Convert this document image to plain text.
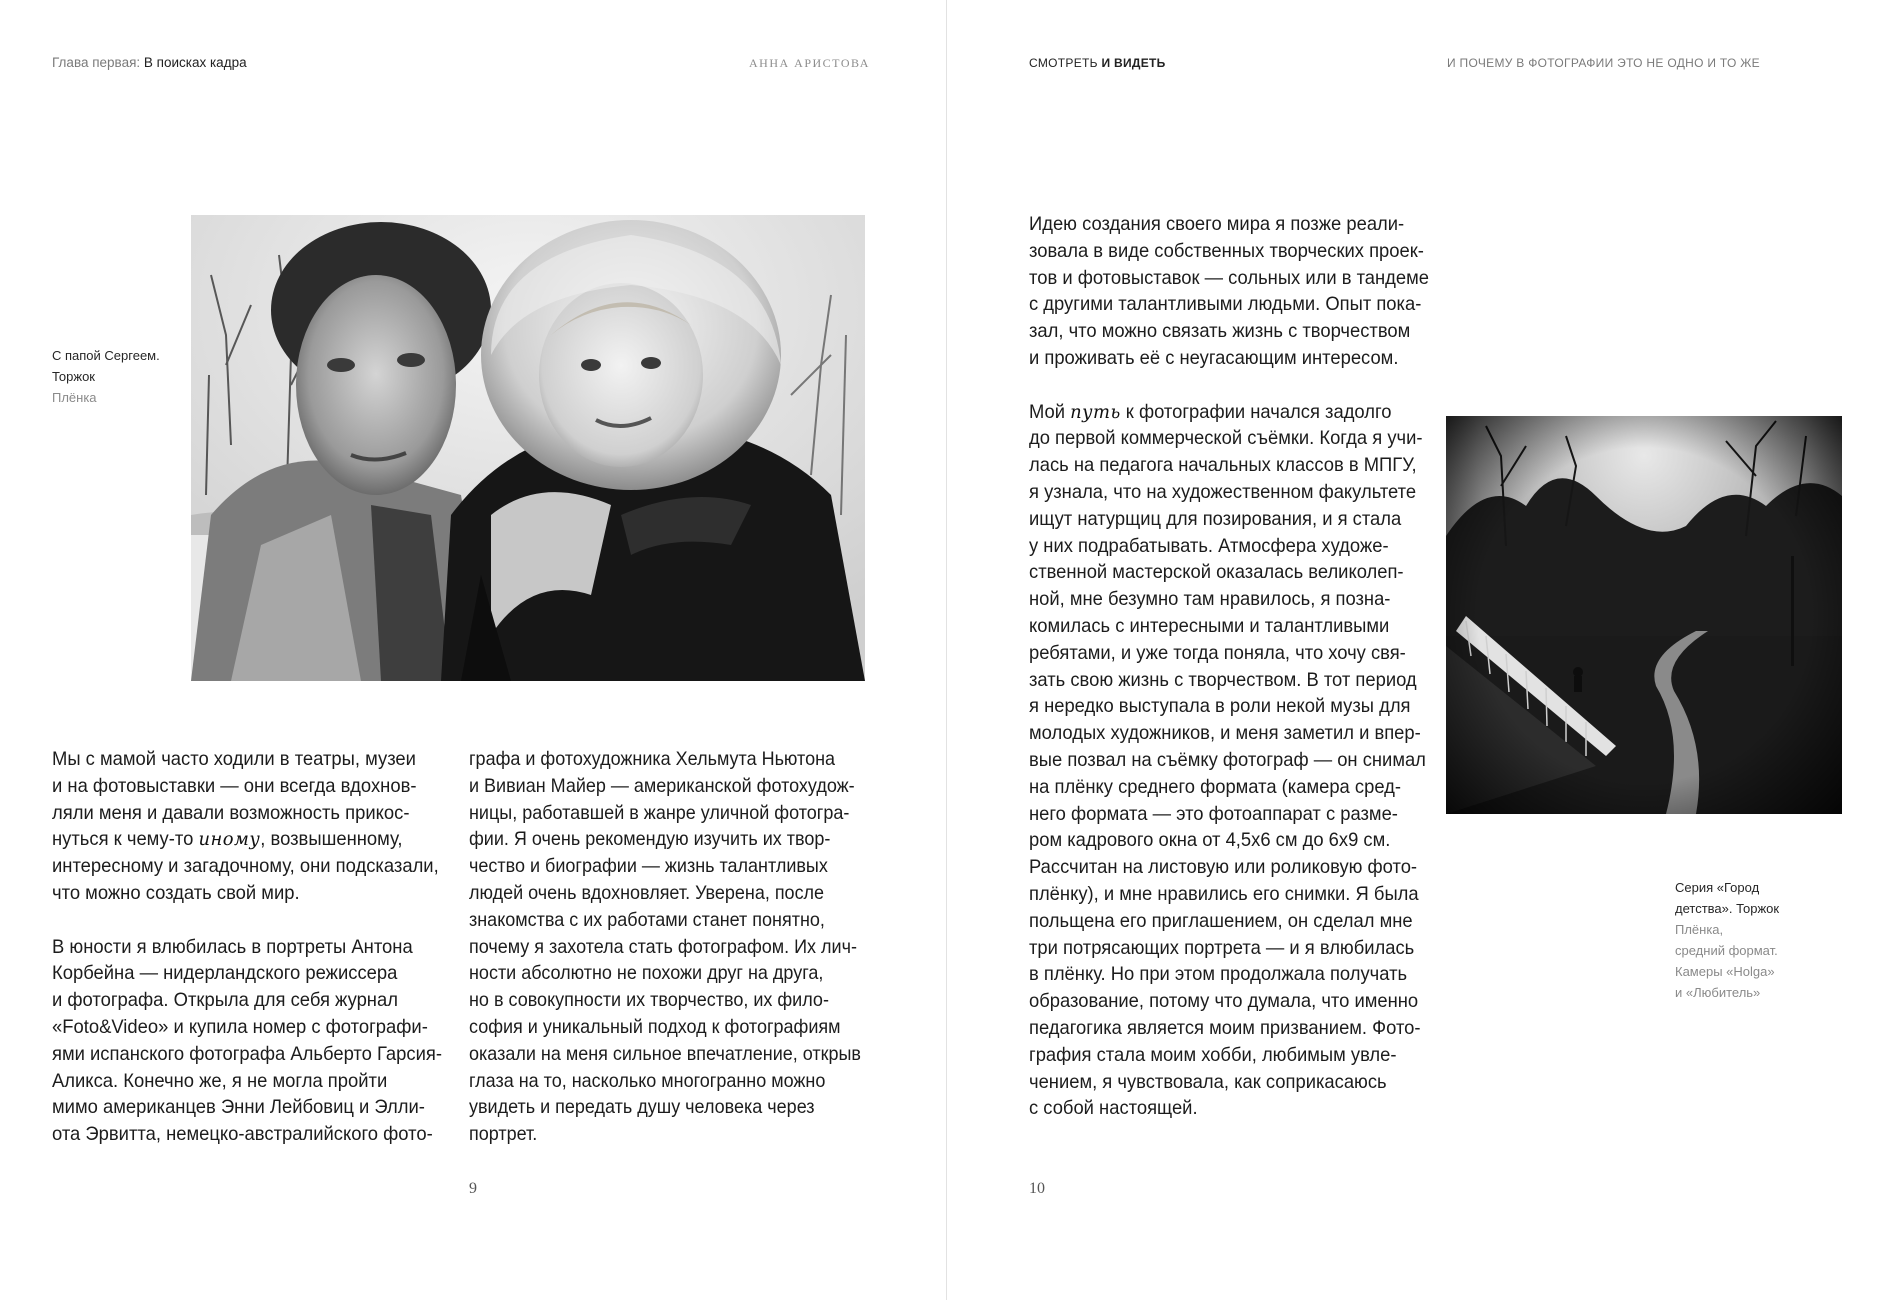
Глава первая: В поисках кадра	АННА АРИСТОВА
С папой Сергеем.
Торжок
Плёнка

Мы с мамой часто ходили в театры, музеи
и на фотовыставки — они всегда вдохнов-
ляли меня и давали возможность прикос-
нуться к чему-то иному, возвышенному,
интересному и загадочному, они подсказали,
что можно создать свой мир.

В юности я влюбилась в портреты Антона
Корбейна — нидерландского режиссера
и фотографа. Открыла для себя журнал
«Foto&Video» и купила номер с фотографи-
ями испанского фотографа Альберто Гарсия-
Аликса. Конечно же, я не могла пройти
мимо американцев Энни Лейбовиц и Элли-
ота Эрвитта, немецко-австралийского фото-

графа и фотохудожника Хельмута Ньютона
и Вивиан Майер — американской фотохудож-
ницы, работавшей в жанре уличной фотогра-
фии. Я очень рекомендую изучить их твор-
чество и биографии — жизнь талантливых
людей очень вдохновляет. Уверена, после
знакомства с их работами станет понятно,
почему я захотела стать фотографом. Их лич-
ности абсолютно не похожи друг на друга,
но в совокупности их творчество, их фило-
софия и уникальный подход к фотографиям
оказали на меня сильное впечатление, открыв
глаза на то, насколько многогранно можно
увидеть и передать душу человека через
портрет.

9
СМОТРЕТЬ И ВИДЕТЬ	И ПОЧЕМУ В ФОТОГРАФИИ ЭТО НЕ ОДНО И ТО ЖЕ

Идею создания своего мира я позже реали-
зовала в виде собственных творческих проек-
тов и фотовыставок — сольных или в тандеме
с другими талантливыми людьми. Опыт пока-
зал, что можно связать жизнь с творчеством
и проживать её с неугасающим интересом.

Мой путь к фотографии начался задолго
до первой коммерческой съёмки. Когда я учи-
лась на педагога начальных классов в МПГУ,
я узнала, что на художественном факультете
ищут натурщиц для позирования, и я стала
у них подрабатывать. Атмосфера художе-
ственной мастерской оказалась великолеп-
ной, мне безумно там нравилось, я позна-
комилась с интересными и талантливыми
ребятами, и уже тогда поняла, что хочу свя-
зать свою жизнь с творчеством. В тот период
я нередко выступала в роли некой музы для
молодых художников, и меня заметил и впер-
вые позвал на съёмку фотограф — он снимал
на плёнку среднего формата (камера сред-
него формата — это фотоаппарат с разме-
ром кадрового окна от 4,5х6 см до 6х9 см.
Рассчитан на листовую или роликовую фото-
плёнку), и мне нравились его снимки. Я была
польщена его приглашением, он сделал мне
три потрясающих портрета — и я влюбилась
в плёнку. Но при этом продолжала получать
образование, потому что думала, что именно
педагогика является моим призванием. Фото-
графия стала моим хобби, любимым увле-
чением, я чувствовала, как соприкасаюсь
с собой настоящей.

Серия «Город
детства». Торжок
Плёнка,
средний формат.
Камеры «Holga»
и «Любитель»
10
